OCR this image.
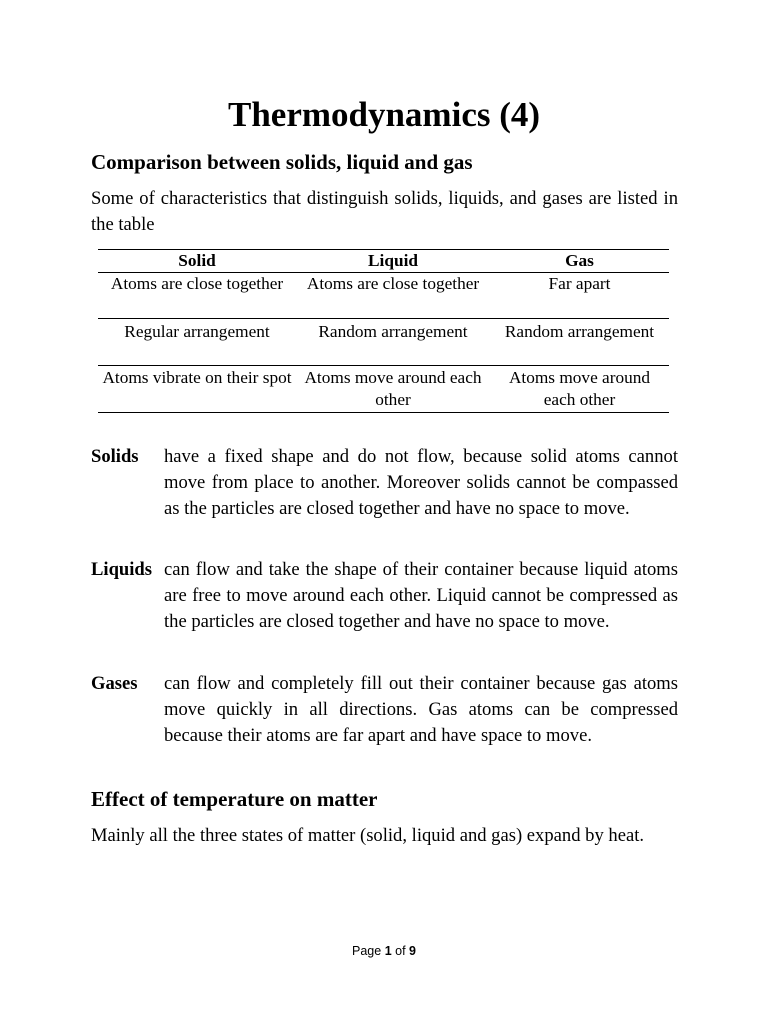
Thermodynamics (4)
Comparison between solids, liquid and gas

Some of characteristics that distinguish solids, liquids, and gases are listed in the table

Solid	Liquid	Gas
Atoms are close together	Atoms are close together	Far apart
Regular arrangement	Random arrangement	Random arrangement
Atoms vibrate on their spot	Atoms move around each other	Atoms move around each other
Solids have a fixed shape and do not flow, because solid atoms cannot move from place to another. Moreover solids cannot be compassed as the particles are closed together and have no space to move.
Liquids can flow and take the shape of their container because liquid atoms are free to move around each other. Liquid cannot be compressed as the particles are closed together and have no space to move.
Gases can flow and completely fill out their container because gas atoms move quickly in all directions. Gas atoms can be compressed because their atoms are far apart and have space to move.
Effect of temperature on matter

Mainly all the three states of matter (solid, liquid and gas) expand by heat.

Page 1 of 9
